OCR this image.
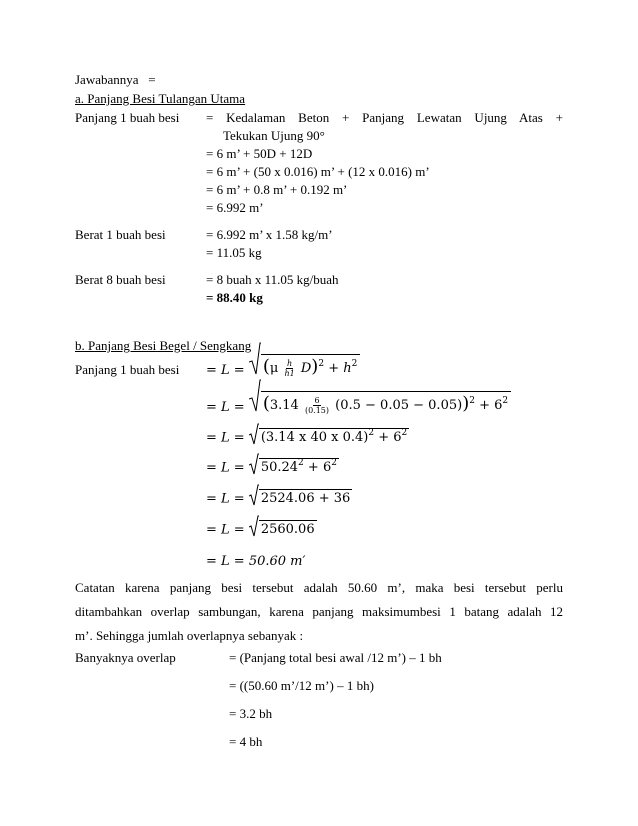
Jawabannya =
a. Panjang Besi Tulangan Utama
Panjang 1 buah besi = Kedalaman Beton + Panjang Lewatan Ujung Atas +
Tekukan Ujung 90°
= 6 m’ + 50D + 12D
= 6 m’ + (50 x 0.016) m’ + (12 x 0.016) m’
= 6 m’ + 0.8 m’ + 0.192 m’
= 6.992 m’
Berat 1 buah besi	= 6.992 m’ x 1.58 kg/m’
= 11.05 kg
Berat 8 buah besi	= 8 buah x 11.05 kg/buah
= 88.40 kg
b. Panjang Besi Begel / Sengkang
Panjang 1 buah besi = $L = (\mu \frac{h}{h1} D)^2 + h^2$
= $L = (3.14 \frac{6}{(0.15)} (0.5 - 0.05 - 0.05))^2 + 6^2$
= L = (3.14 x 40 x $0.4)^2 + 6^2$
= $L = 50.24^2 + 6^2$
= L = 2524.06 + 36
= L = 2560.06
= L = 50.60 m′
Catatan karena panjang besi tersebut adalah 50.60 m’, maka besi tersebut perlu
ditambahkan overlap sambungan, karena panjang maksimumbesi 1 batang adalah 12
m’. Sehingga jumlah overlapnya sebanyak :
Banyaknya overlap	= (Panjang total besi awal /12 m’) – 1 bh
= ((50.60 m’/12 m’) – 1 bh)
= 3.2 bh
= 4 bh
